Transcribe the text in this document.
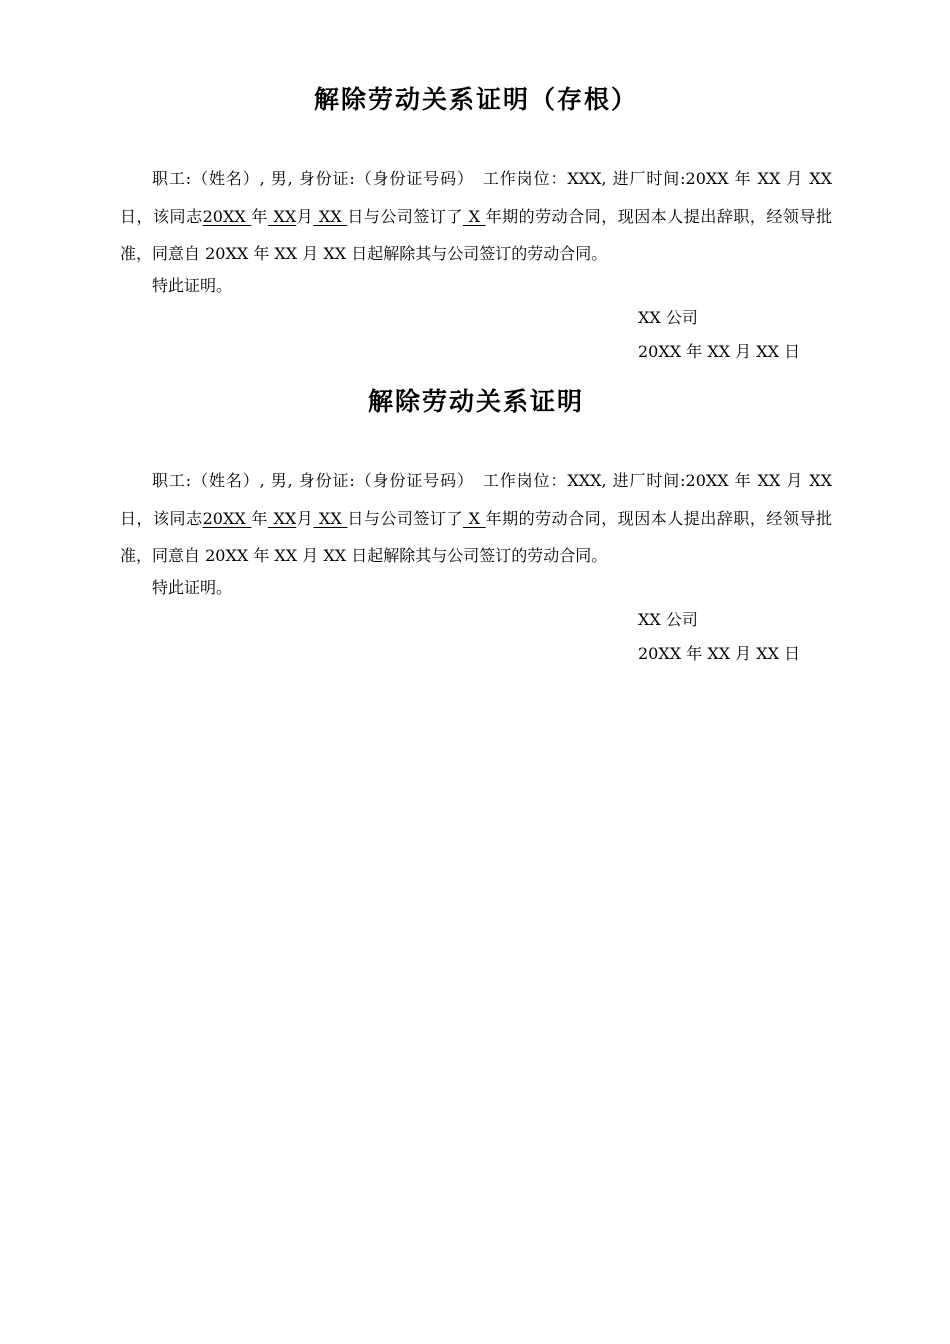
解除劳动关系证明（存根）

职工:（姓名）, 男, 身份证:（身份证号码）　工作岗位：XXX, 进厂时间:20XX 年 XX 月 XX 日，该同志20XX 年 XX月 XX 日与公司签订了 X 年期的劳动合同，现因本人提出辞职，经领导批准，同意自 20XX 年 XX 月 XX 日起解除其与公司签订的劳动合同。

特此证明。

XX 公司
20XX 年 XX 月 XX 日
解除劳动关系证明

职工:（姓名）, 男, 身份证:（身份证号码）　工作岗位：XXX, 进厂时间:20XX 年 XX 月 XX 日，该同志20XX 年 XX月 XX 日与公司签订了 X 年期的劳动合同，现因本人提出辞职，经领导批准，同意自 20XX 年 XX 月 XX 日起解除其与公司签订的劳动合同。

特此证明。

XX 公司
20XX 年 XX 月 XX 日
